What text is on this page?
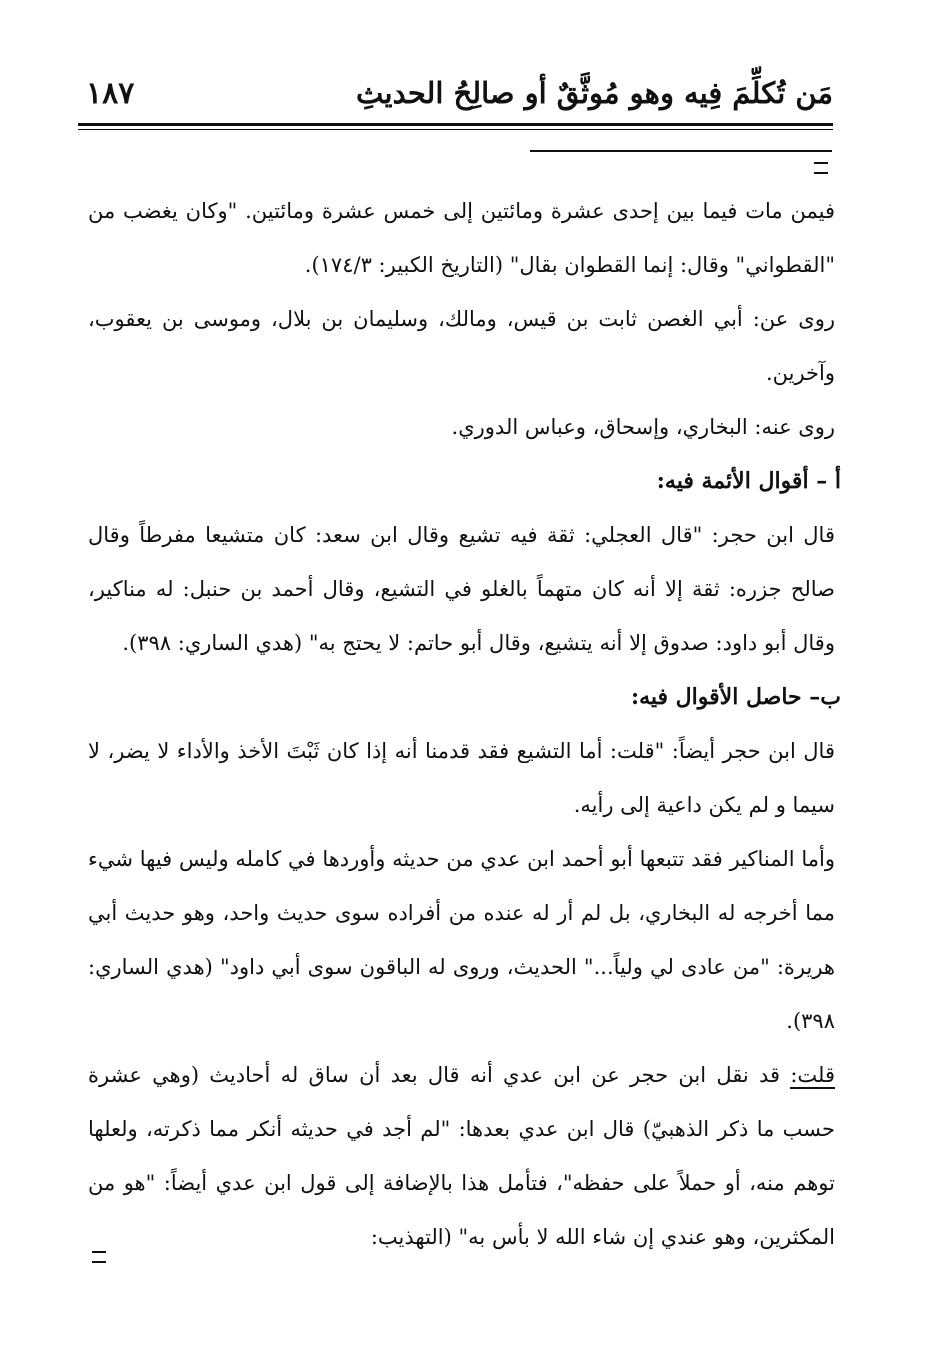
مَن تُكلِّمَ فِيه وهو مُوثَّقٌ أو صالِحُ الحديثِ
١٨٧

فيمن مات فيما بين إحدى عشرة ومائتين إلى خمس عشرة ومائتين. "وكان يغضب من "القطواني" وقال: إنما القطوان بقال" (التاريخ الكبير: ١٧٤/٣).

روى عن: أبي الغصن ثابت بن قيس، ومالك، وسليمان بن بلال، وموسى بن يعقوب، وآخرين.

روى عنه: البخاري، وإسحاق، وعباس الدوري.

أ – أقوال الأئمة فيه:

قال ابن حجر: "قال العجلي: ثقة فيه تشيع وقال ابن سعد: كان متشيعا مفرطاً وقال صالح جزره: ثقة إلا أنه كان متهماً بالغلو في التشيع، وقال أحمد بن حنبل: له مناكير، وقال أبو داود: صدوق إلا أنه يتشيع، وقال أبو حاتم: لا يحتج به" (هدي الساري: ٣٩٨).

ب– حاصل الأقوال فيه:

قال ابن حجر أيضاً: "قلت: أما التشيع فقد قدمنا أنه إذا كان ثَبْتَ الأخذ والأداء لا يضر، لا سيما و لم يكن داعية إلى رأيه.

وأما المناكير فقد تتبعها أبو أحمد ابن عدي من حديثه وأوردها في كامله وليس فيها شيء مما أخرجه له البخاري، بل لم أر له عنده من أفراده سوى حديث واحد، وهو حديث أبي هريرة: "من عادى لي ولياً..." الحديث، وروى له الباقون سوى أبي داود" (هدي الساري: ٣٩٨).

قلت: قد نقل ابن حجر عن ابن عدي أنه قال بعد أن ساق له أحاديث (وهي عشرة حسب ما ذكر الذهبيّ) قال ابن عدي بعدها: "لم أجد في حديثه أنكر مما ذكرته، ولعلها توهم منه، أو حملاً على حفظه"، فتأمل هذا بالإضافة إلى قول ابن عدي أيضاً: "هو من المكثرين، وهو عندي إن شاء الله لا بأس به" (التهذيب:
